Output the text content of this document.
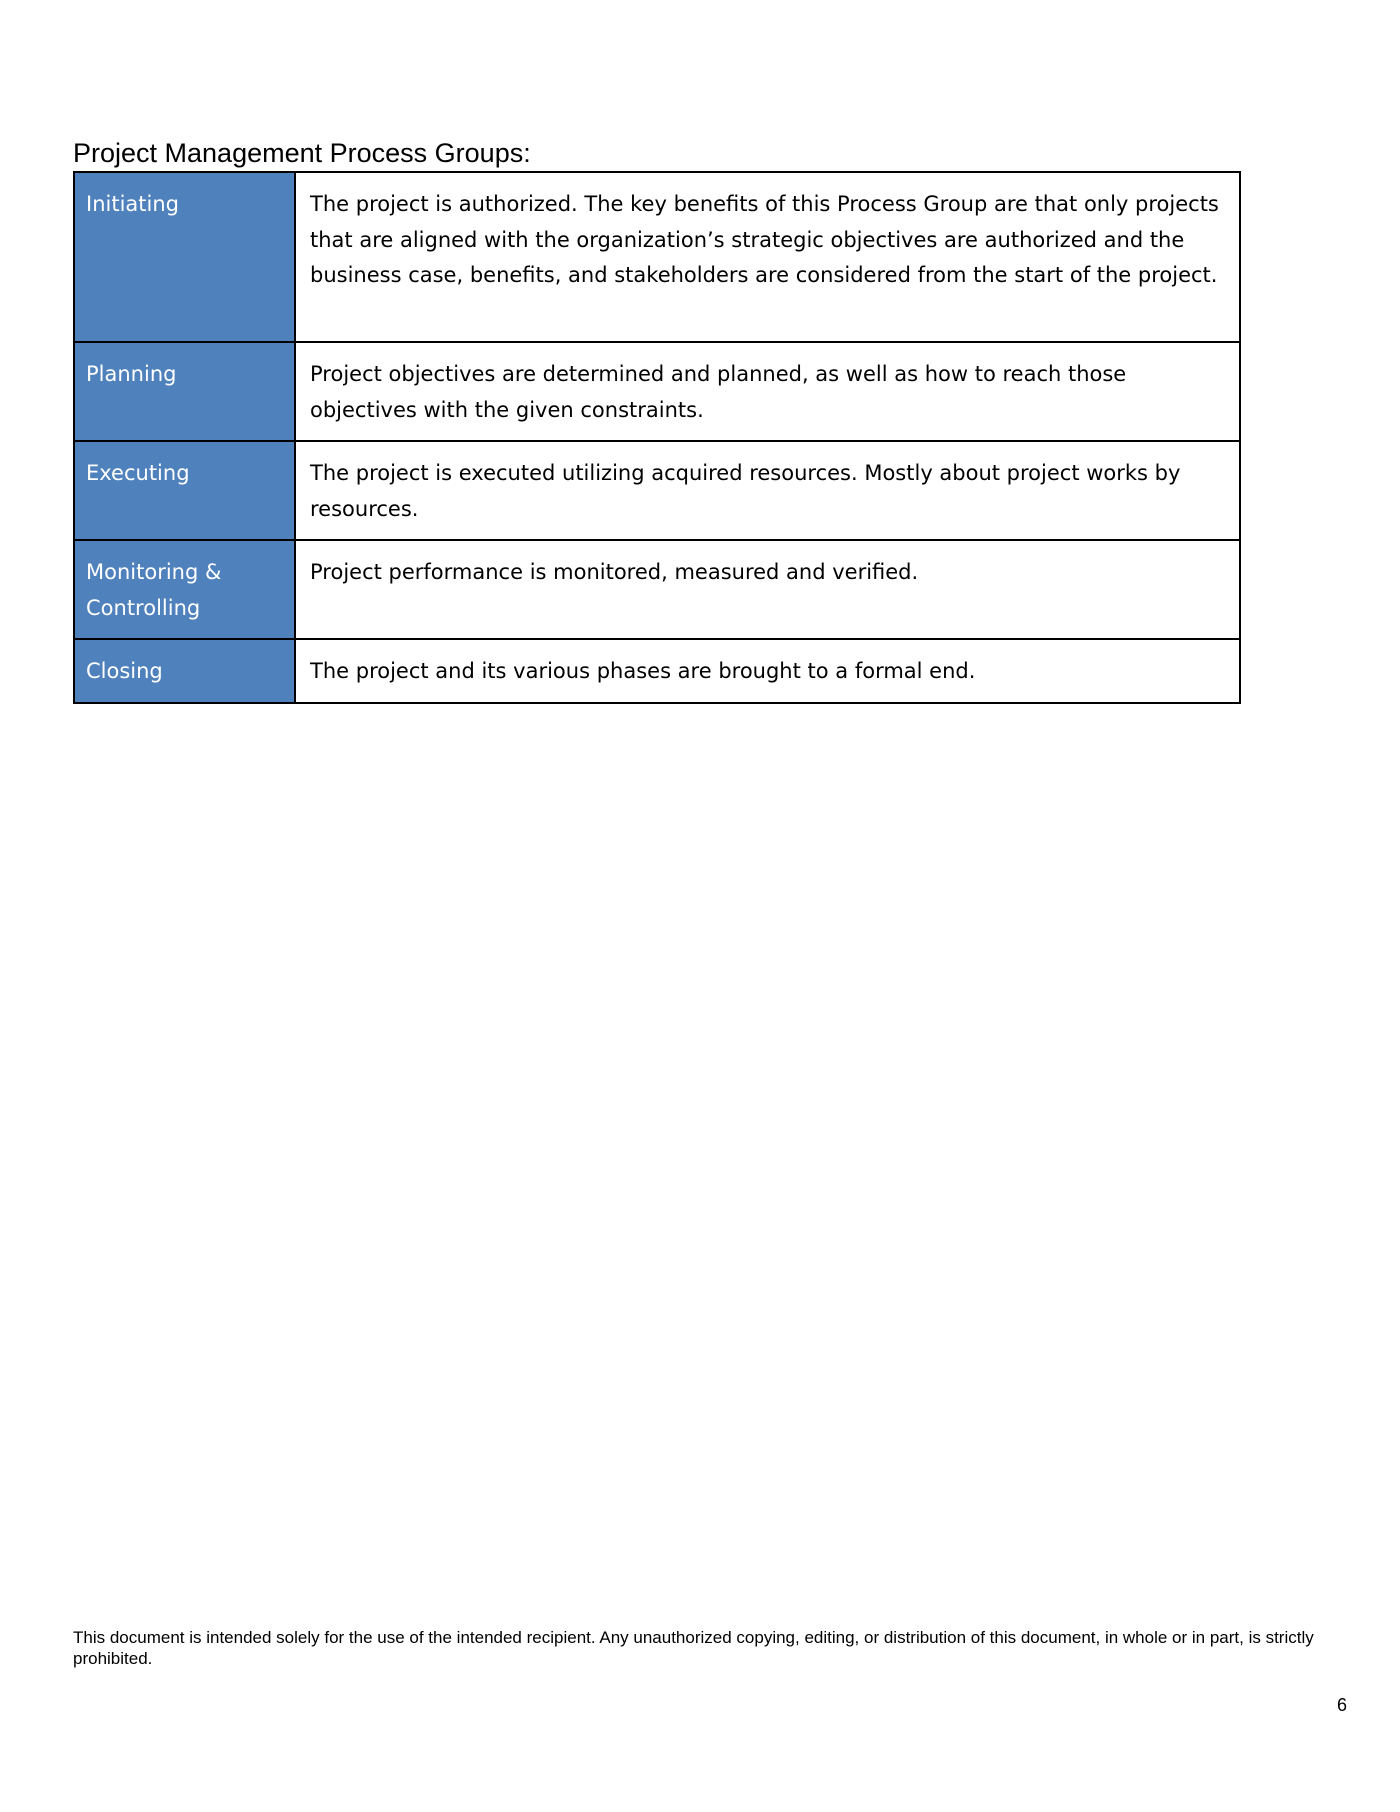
Project Management Process Groups:
Initiating	The project is authorized. The key benefits of this Process Group are that only projects that are aligned with the organization’s strategic objectives are authorized and the business case, benefits, and stakeholders are considered from the start of the project.
Planning	Project objectives are determined and planned, as well as how to reach those objectives with the given constraints.
Executing	The project is executed utilizing acquired resources. Mostly about project works by resources.
Monitoring & Controlling	Project performance is monitored, measured and verified.
Closing	The project and its various phases are brought to a formal end.

This document is intended solely for the use of the intended recipient. Any unauthorized copying, editing, or distribution of this document, in whole or in part, is strictly prohibited.

6
